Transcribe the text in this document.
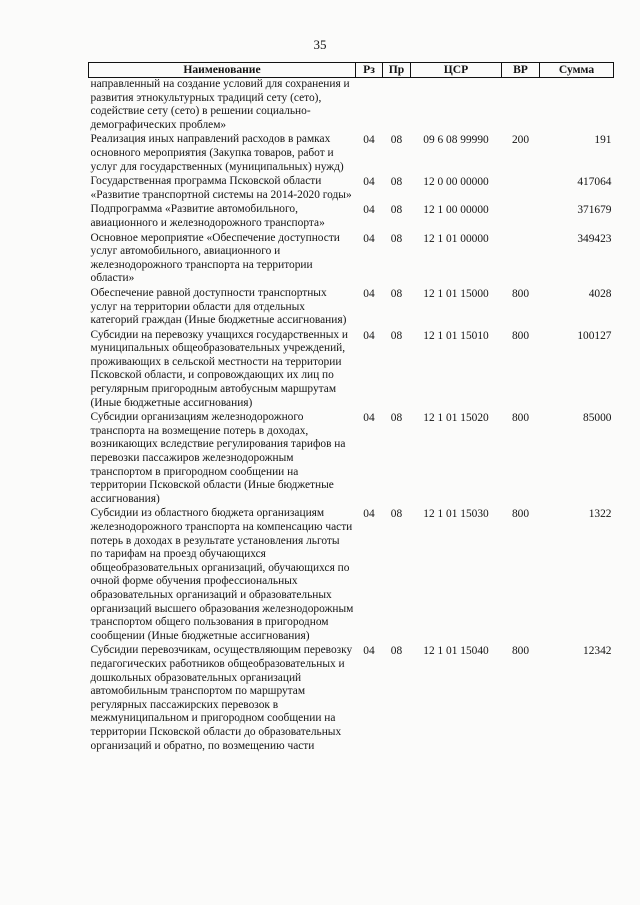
35
Наименование	Рз	Пр	ЦСР	ВР	Сумма
направленный на создание условий для сохранения и развития этнокультурных традиций сету (сето), содействие сету (сето) в решении социально-демографических проблем»					
Реализация иных направлений расходов в рамках основного мероприятия (Закупка товаров, работ и услуг для государственных (муниципальных) нужд)	04	08	09 6 08 99990	200	191
Государственная программа Псковской области «Развитие транспортной системы на 2014-2020 годы»	04	08	12 0 00 00000		417064
Подпрограмма «Развитие автомобильного, авиационного и железнодорожного транспорта»	04	08	12 1 00 00000		371679
Основное мероприятие «Обеспечение доступности услуг автомобильного, авиационного и железнодорожного транспорта на территории области»	04	08	12 1 01 00000		349423
Обеспечение равной доступности транспортных услуг на территории области для отдельных категорий граждан (Иные бюджетные ассигнования)	04	08	12 1 01 15000	800	4028
Субсидии на перевозку учащихся государственных и муниципальных общеобразовательных учреждений, проживающих в сельской местности на территории Псковской области, и сопровождающих их лиц по регулярным пригородным автобусным маршрутам (Иные бюджетные ассигнования)	04	08	12 1 01 15010	800	100127
Субсидии организациям железнодорожного транспорта на возмещение потерь в доходах, возникающих вследствие регулирования тарифов на перевозки пассажиров железнодорожным транспортом в пригородном сообщении на территории Псковской области (Иные бюджетные ассигнования)	04	08	12 1 01 15020	800	85000
Субсидии из областного бюджета организациям железнодорожного транспорта на компенсацию части потерь в доходах в результате установления льготы по тарифам на проезд обучающихся общеобразовательных организаций, обучающихся по очной форме обучения профессиональных образовательных организаций и образовательных организаций высшего образования железнодорожным транспортом общего пользования в пригородном сообщении (Иные бюджетные ассигнования)	04	08	12 1 01 15030	800	1322
Субсидии перевозчикам, осуществляющим перевозку педагогических работников общеобразовательных и дошкольных образовательных организаций автомобильным транспортом по маршрутам регулярных пассажирских перевозок в межмуниципальном и пригородном сообщении на территории Псковской области до образовательных организаций и обратно, по возмещению части	04	08	12 1 01 15040	800	12342
